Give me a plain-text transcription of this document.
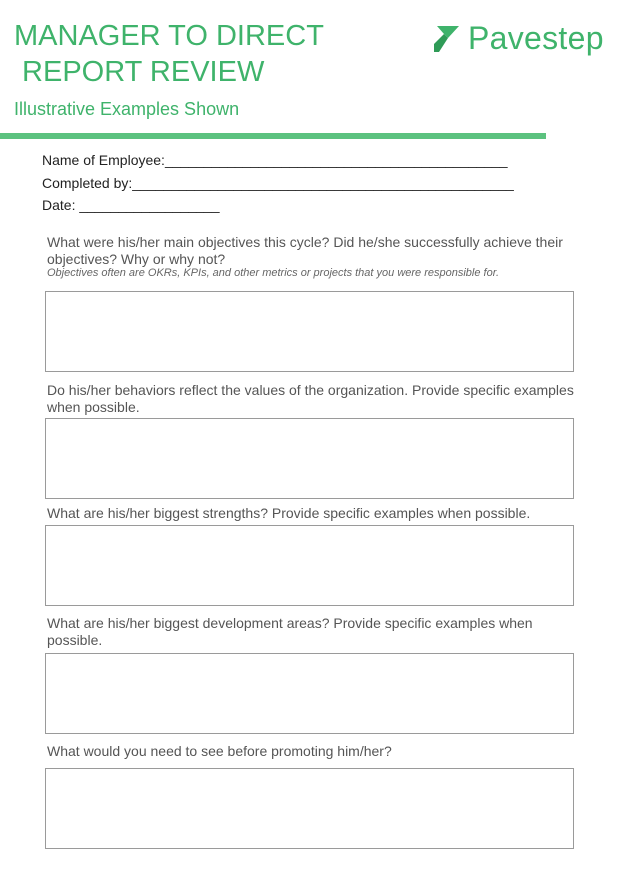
MANAGER TO DIRECT
REPORT REVIEW
Illustrative Examples Shown
Pavestep
Name of Employee:____________________________________________
Completed by:_________________________________________________
Date: __________________
What were his/her main objectives this cycle? Did he/she successfully achieve their objectives? Why or why not?
Objectives often are OKRs, KPIs, and other metrics or projects that you were responsible for.
Do his/her behaviors reflect the values of the organization. Provide specific examples when possible.
What are his/her biggest strengths? Provide specific examples when possible.
What are his/her biggest development areas? Provide specific examples when possible.
What would you need to see before promoting him/her?
